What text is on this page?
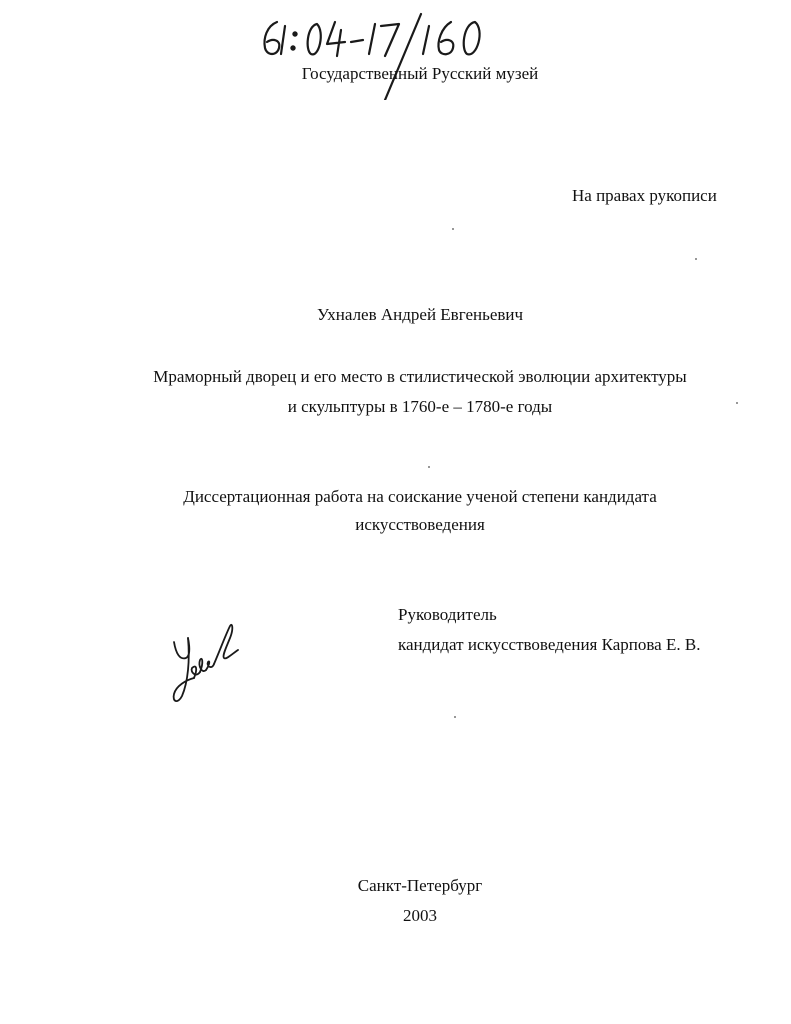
Государственный Русский музей
На правах рукописи
Ухналев Андрей Евгеньевич
Мраморный дворец и его место в стилистической эволюции архитектуры
и скульптуры в 1760-е – 1780-е годы
Диссертационная работа на соискание ученой степени кандидата
искусствоведения
Руководитель
кандидат искусствоведения Карпова Е. В.
Санкт-Петербург
2003
